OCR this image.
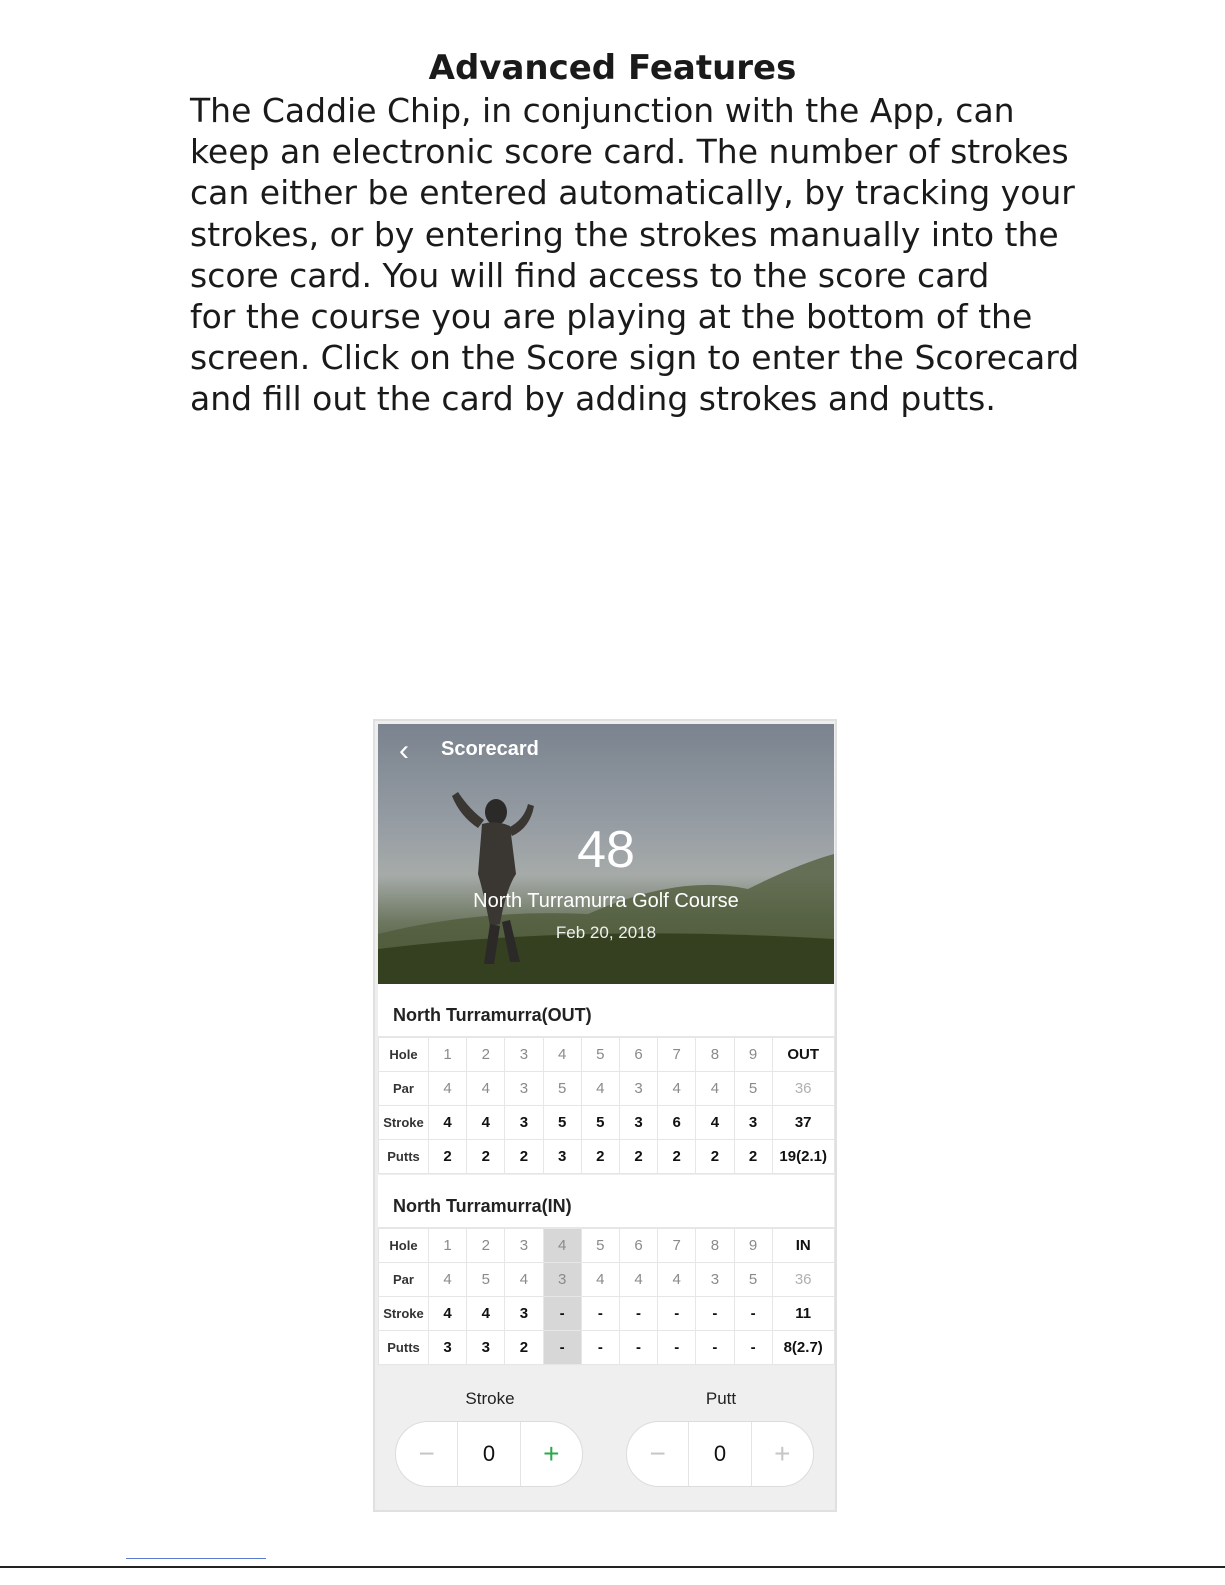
Advanced Features

The Caddie Chip, in conjunction with the App, can
keep an electronic score card. The number of strokes
can either be entered automatically, by tracking your
strokes, or by entering the strokes manually into the
score card. You will find access to the score card
for the course you are playing at the bottom of the
screen. Click on the Score sign to enter the Scorecard
and fill out the card by adding strokes and putts.

‹	Scorecard
48
North Turramurra Golf Course
Feb 20, 2018
North Turramurra(OUT)
Hole	1	2	3	4	5	6	7	8	9	OUT
Par	4	4	3	5	4	3	4	4	5	36
Stroke	4	4	3	5	5	3	6	4	3	37
Putts	2	2	2	3	2	2	2	2	2	19(2.1)
North Turramurra(IN)
Hole	1	2	3	4	5	6	7	8	9	IN
Par	4	5	4	3	4	4	4	3	5	36
Stroke	4	4	3	-	-	-	-	-	-	11
Putts	3	3	2	-	-	-	-	-	-	8(2.7)
Stroke
−	0	+
Putt
−	0	+
